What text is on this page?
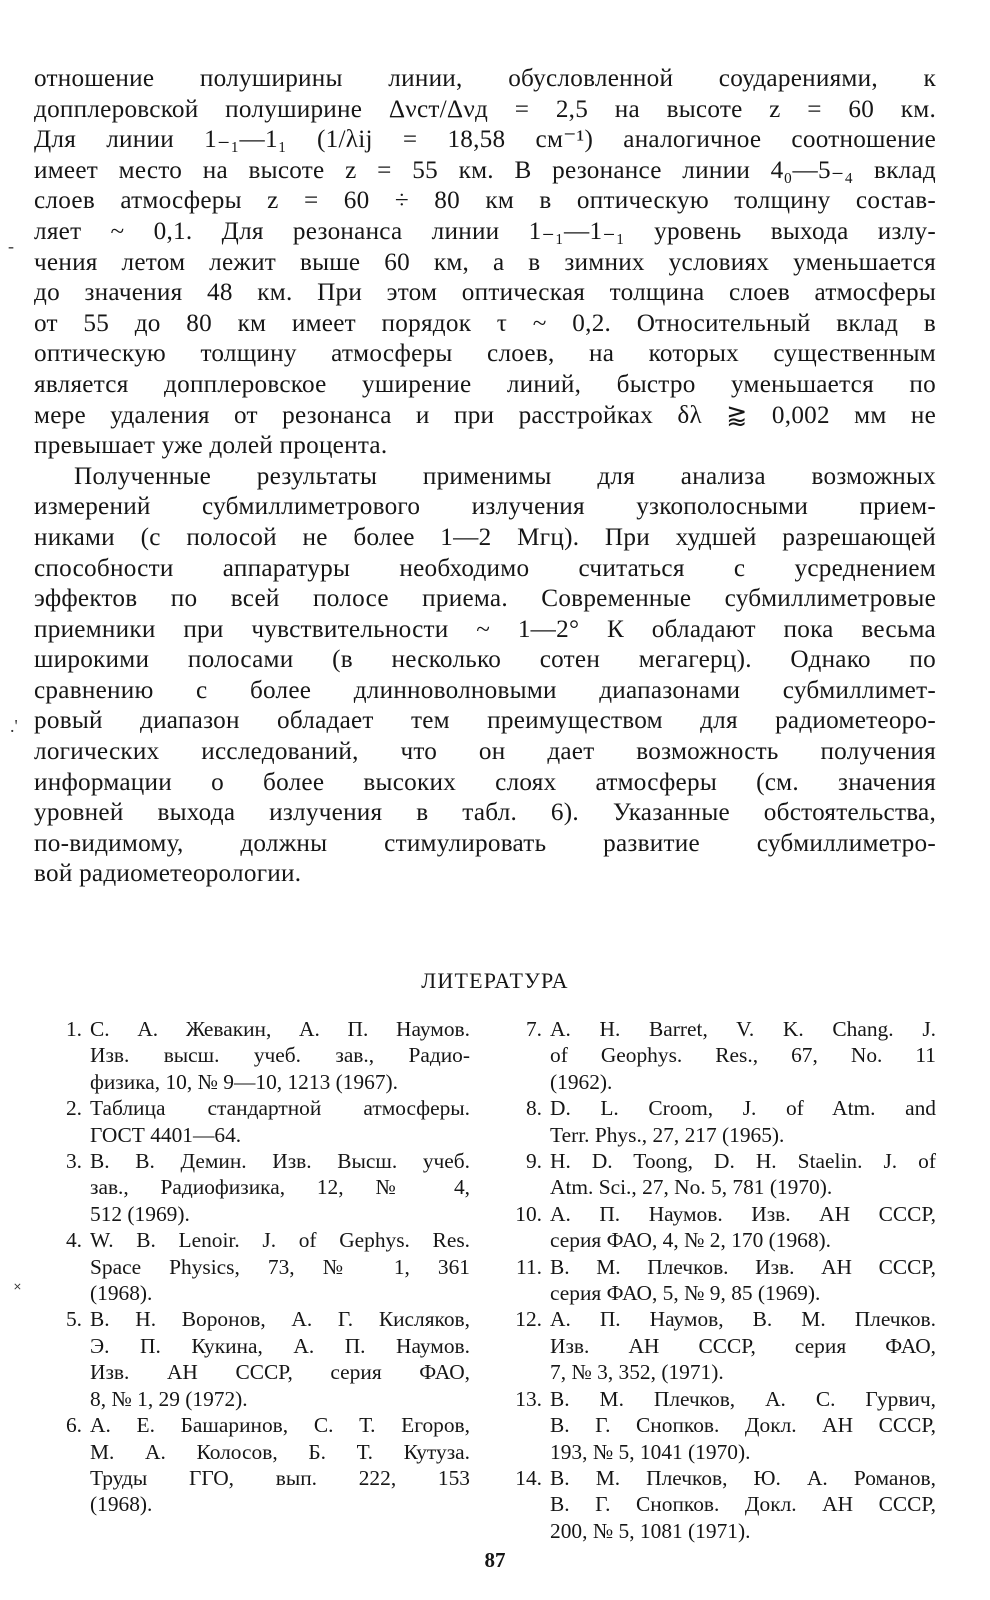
отношение полуширины линии, обусловленной соударениями, к
допплеровской полуширине Δνст/Δνд = 2,5 на высоте z = 60 км.
Для линии 1₋₁—1₁ (1/λij = 18,58 см⁻¹) аналогичное соотношение
имеет место на высоте z = 55 км. В резонансе линии 4₀—5₋₄ вклад
слоев атмосферы z = 60 ÷ 80 км в оптическую толщину состав-
ляет ~ 0,1. Для резонанса линии 1₋₁—1₋₁ уровень выхода излу-
чения летом лежит выше 60 км, а в зимних условиях уменьшается
до значения 48 км. При этом оптическая толщина слоев атмосферы
от 55 до 80 км имеет порядок τ ~ 0,2. Относительный вклад в
оптическую толщину атмосферы слоев, на которых существенным
является допплеровское уширение линий, быстро уменьшается по
мере удаления от резонанса и при расстройках δλ ⪆ 0,002 мм не
превышает уже долей процента.

Полученные результаты применимы для анализа возможных
измерений субмиллиметрового излучения узкополосными прием-
никами (с полосой не более 1—2 Мгц). При худшей разрешающей
способности аппаратуры необходимо считаться с усреднением
эффектов по всей полосе приема. Современные субмиллиметровые
приемники при чувствительности ~ 1—2° К обладают пока весьма
широкими полосами (в несколько сотен мегагерц). Однако по
сравнению с более длинноволновыми диапазонами субмиллимет-
ровый диапазон обладает тем преимуществом для радиометеоро-
логических исследований, что он дает возможность получения
информации о более высоких слоях атмосферы (см. значения
уровней выхода излучения в табл. 6). Указанные обстоятельства,
по-видимому, должны стимулировать развитие субмиллиметро-
вой радиометеорологии.

-
.'
˟
ЛИТЕРАТУРА
1. С. А. Жевакин, А. П. Наумов.
Изв. высш. учеб. зав., Радио-
физика, 10, № 9—10, 1213 (1967).
2. Таблица стандартной атмосферы.
ГОСТ 4401—64.
3. В. В. Демин. Изв. Высш. учеб.
зав., Радиофизика, 12, № 4,
512 (1969).
4. W. B. Lenoir. J. of Gephys. Res.
Space Physics, 73, № 1, 361
(1968).
5. В. Н. Воронов, А. Г. Кисляков,
Э. П. Кукина, А. П. Наумов.
Изв. АН СССР, серия ФАО,
8, № 1, 29 (1972).
6. А. Е. Башаринов, С. Т. Егоров,
М. А. Колосов, Б. Т. Кутуза.
Труды ГГО, вып. 222, 153
(1968).
7. A. H. Barret, V. K. Chang. J.
of Geophys. Res., 67, No. 11
(1962).
8. D. L. Croom, J. of Atm. and
Terr. Phys., 27, 217 (1965).
9. H. D. Toong, D. H. Staelin. J. of
Atm. Sci., 27, No. 5, 781 (1970).
10. А. П. Наумов. Изв. АН СССР,
серия ФАО, 4, № 2, 170 (1968).
11. В. М. Плечков. Изв. АН СССР,
серия ФАО, 5, № 9, 85 (1969).
12. А. П. Наумов, В. М. Плечков.
Изв. АН СССР, серия ФАО,
7, № 3, 352, (1971).
13. В. М. Плечков, А. С. Гурвич,
В. Г. Снопков. Докл. АН СССР,
193, № 5, 1041 (1970).
14. В. М. Плечков, Ю. А. Романов,
В. Г. Снопков. Докл. АН СССР,
200, № 5, 1081 (1971).
87
